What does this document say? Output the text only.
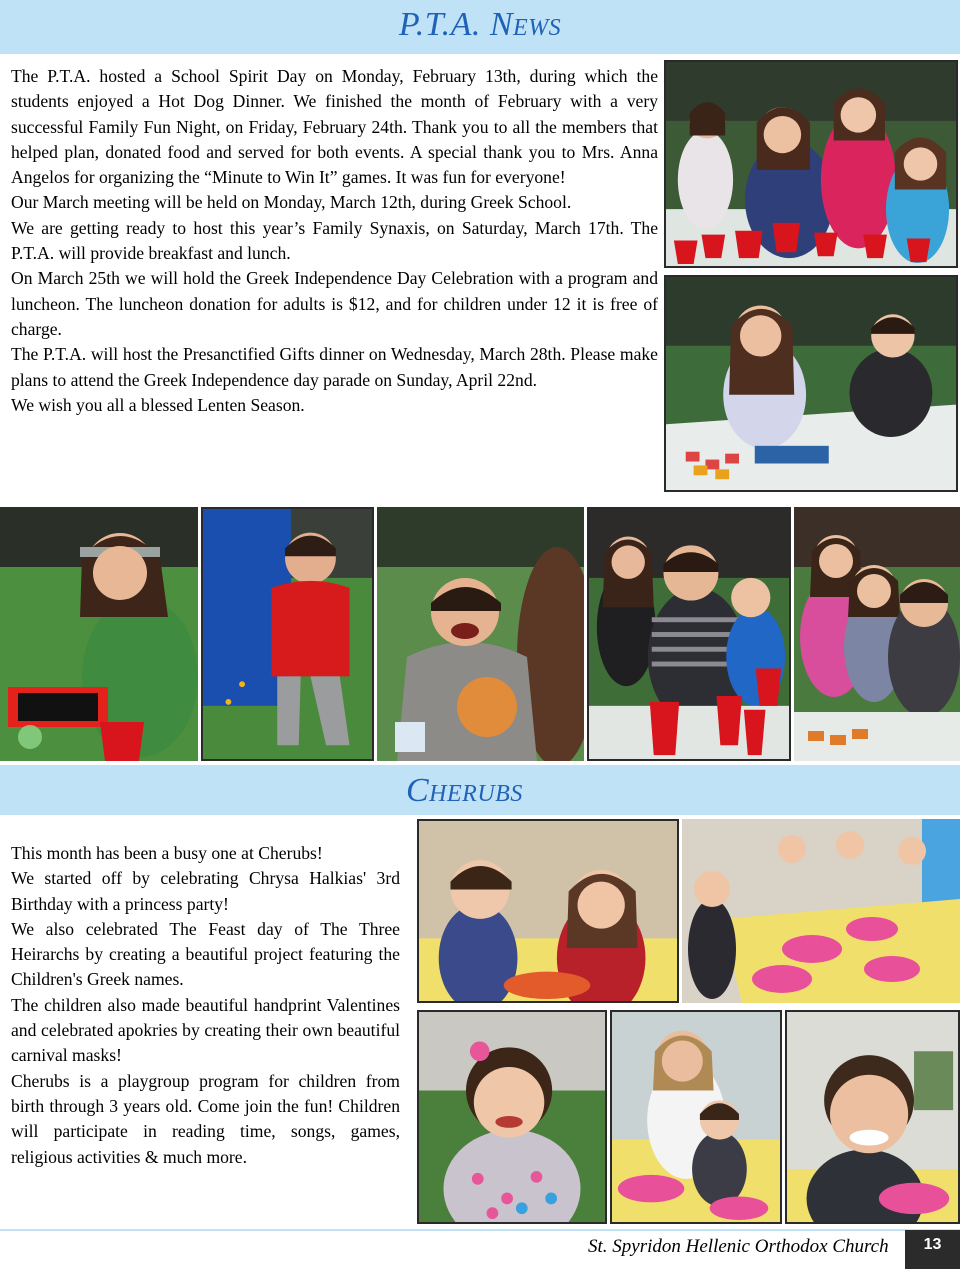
P.T.A. News

The P.T.A. hosted a School Spirit Day on Monday, February 13th, during which the students enjoyed a Hot Dog Dinner. We finished the month of February with a very successful Family Fun Night, on Friday, February 24th. Thank you to all the members that helped plan, donated food and served for both events. A special thank you to Mrs. Anna Angelos for organizing the “Minute to Win It” games. It was fun for everyone!

Our March meeting will be held on Monday, March 12th, during Greek School.

We are getting ready to host this year’s Family Synaxis, on Saturday, March 17th. The P.T.A. will provide breakfast and lunch.

On March 25th we will hold the Greek Independence Day Celebration with a program and luncheon. The luncheon donation for adults is $12, and for children under 12 it is free of charge.

The P.T.A. will host the Presanctified Gifts dinner on Wednesday, March 28th. Please make plans to attend the Greek Independence day parade on Sunday, April 22nd.

We wish you all a blessed Lenten Season.

Cherubs

This month has been a busy one at Cherubs!

We started off by celebrating Chrysa Halkias' 3rd Birthday with a princess party!

We also celebrated The Feast day of The Three Heirarchs by creating a beautiful project featuring the Children's Greek names.

The children also made beautiful handprint Valentines and celebrated apokries by creating their own beautiful carnival masks!

Cherubs is a playgroup program for children from birth through 3 years old. Come join the fun! Children will participate in reading time, songs, games, religious activities & much more.

St. Spyridon Hellenic Orthodox Church	13
